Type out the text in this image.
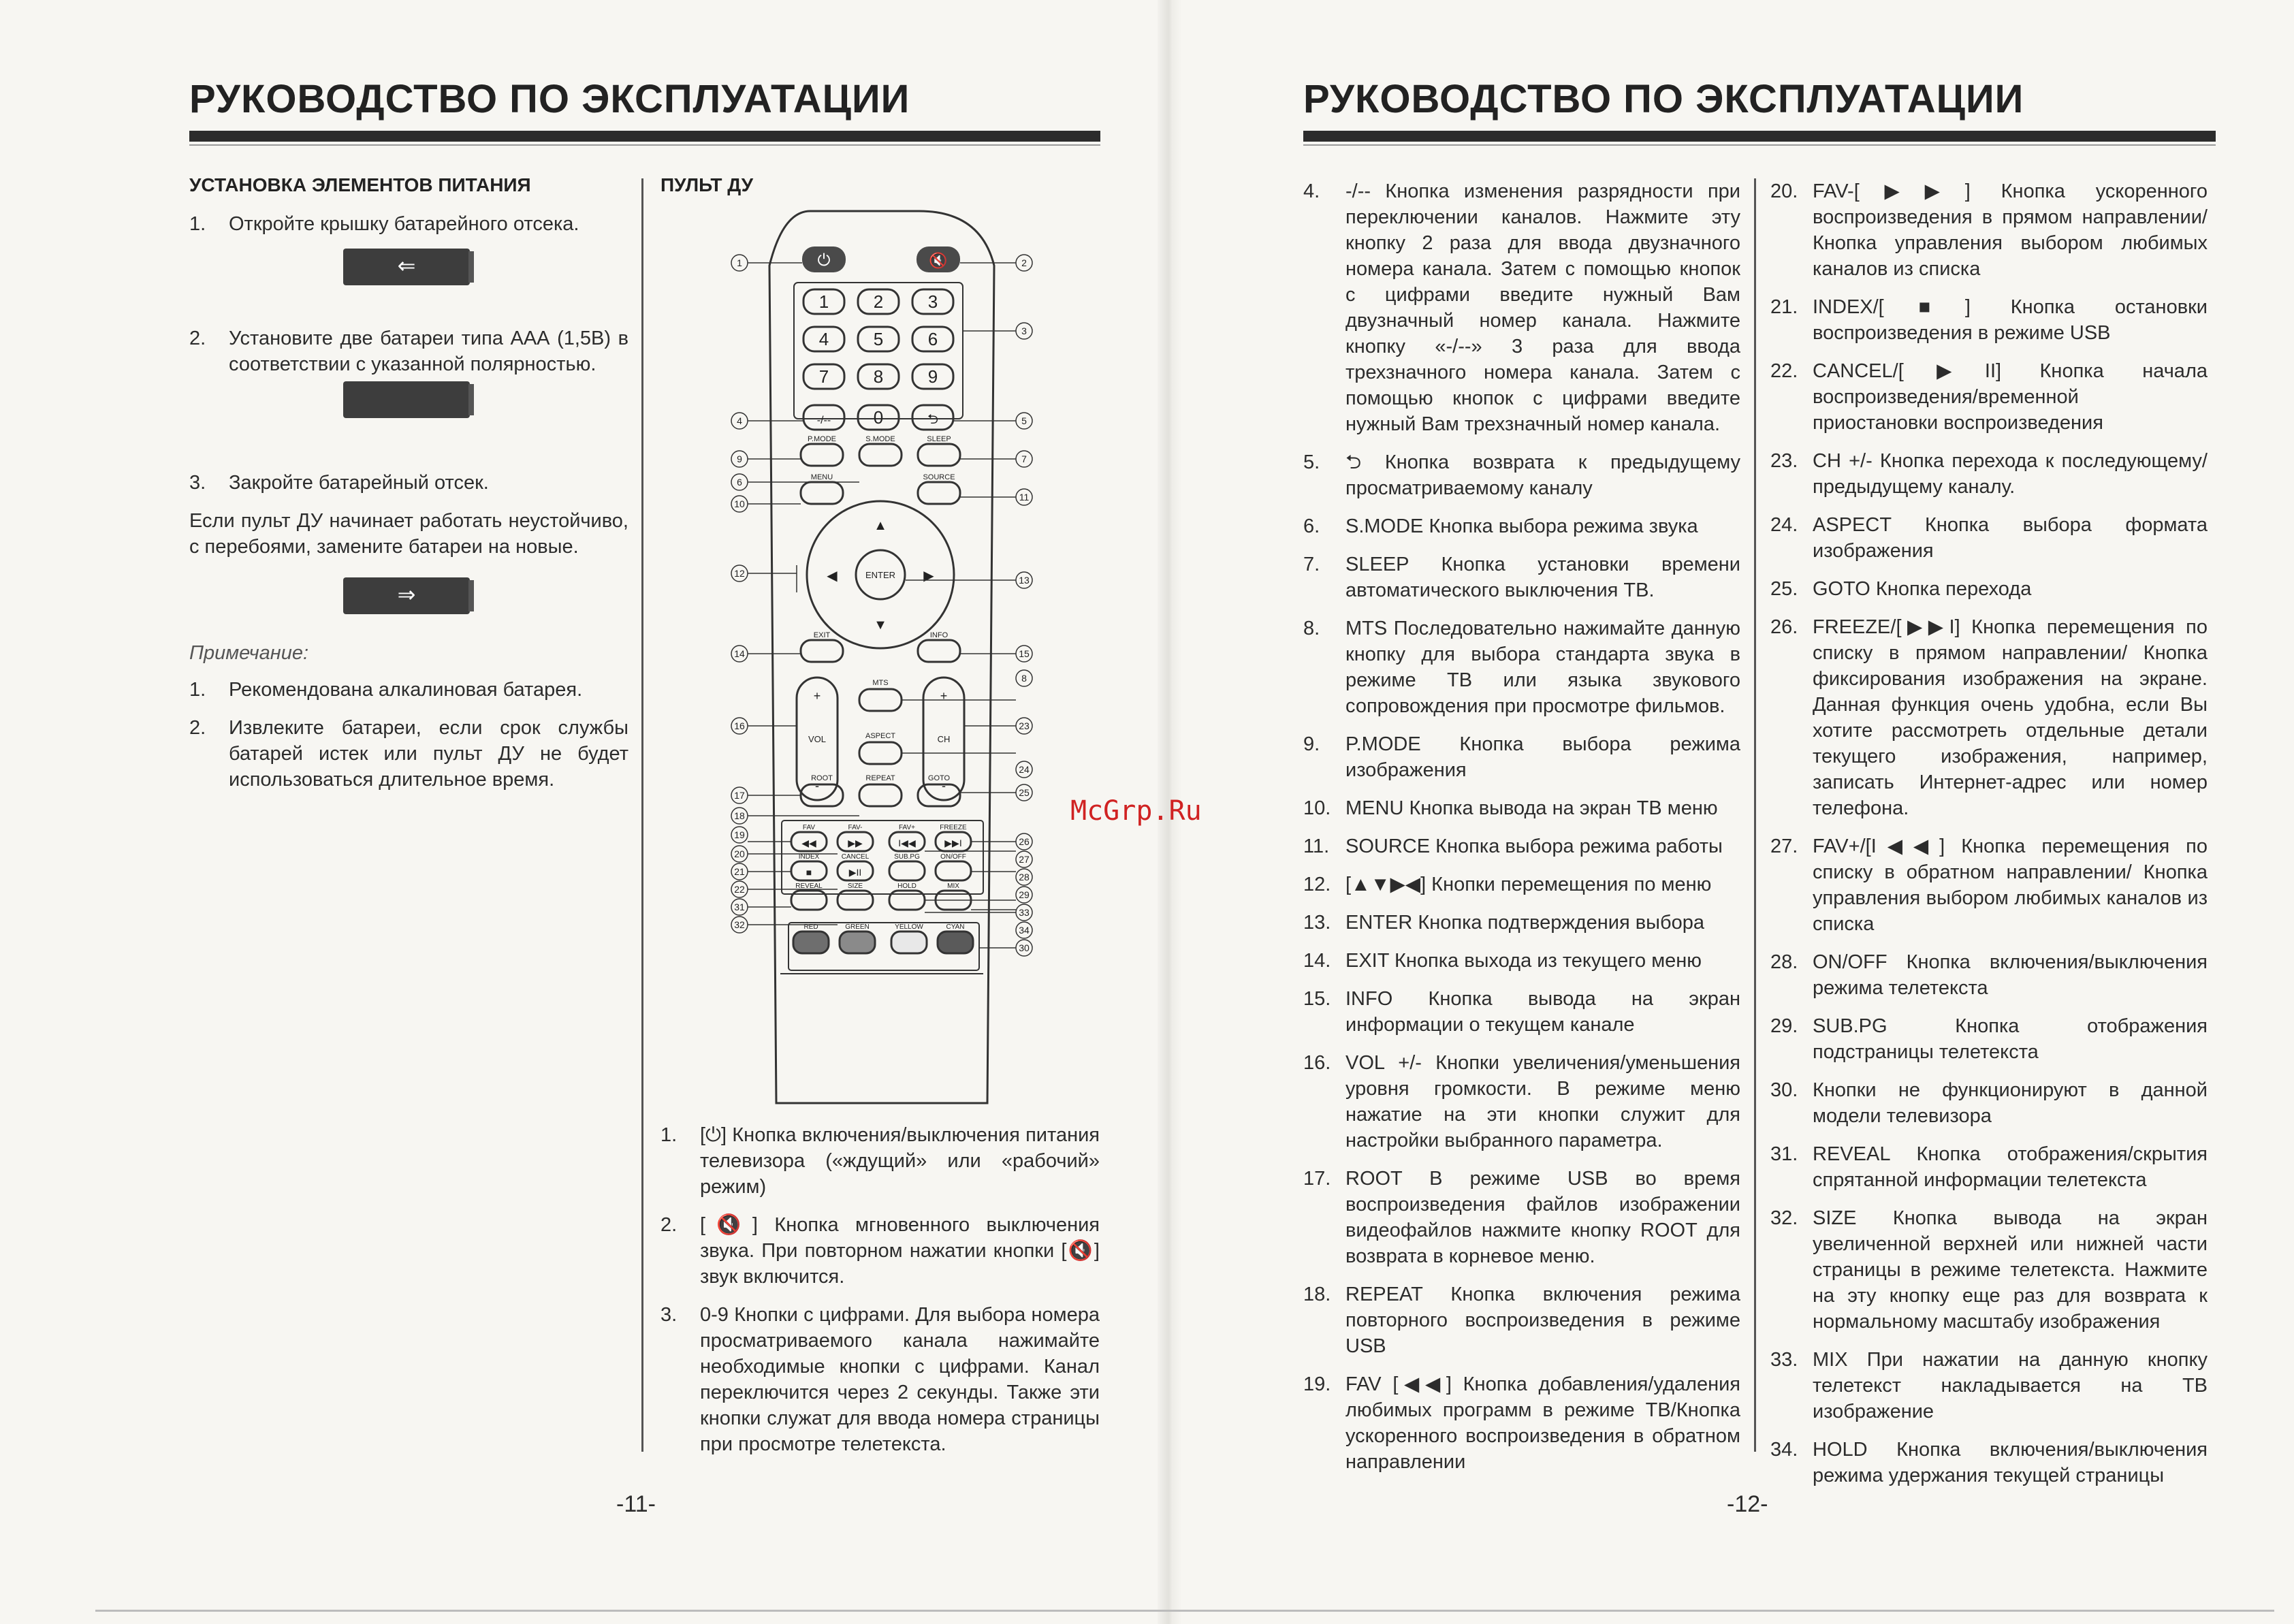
РУКОВОДСТВО ПО ЭКСПЛУАТАЦИИ
УСТАНОВКА ЭЛЕМЕНТОВ ПИТАНИЯ	ПУЛЬТ ДУ
1. Откройте крышку батарейного отсека.
2. Установите две батареи типа ААА (1,5В) в соответствии с указанной полярностью.
3. Закройте батарейный отсек.
Если пульт ДУ начинает работать неустойчиво, с перебоями, замените батареи на новые.
Примечание:
1. Рекомендована алкалиновая батарея.
2. Извлеките батареи, если срок службы батарей истек или пульт ДУ не будет использоваться длительное время.
⇐
⇒
⏻	🔇
1	2	3
4	5	6
7	8	9
0
-/--	⮌
P.MODE	S.MODE	SLEEP
MENU	SOURCE
ENTER
EXIT	INFO
MTS
VOL	CH
+
-
+
-
ASPECT
ROOT	REPEAT	GOTO
FAV	FAV-	FAV+	FREEZE
INDEX	CANCEL	SUB.PG	ON/OFF
REVEAL	SIZE	HOLD	MIX
RED	GREEN	YELLOW	CYAN
▲
▼
◀	▶
◀◀	▶▶	I◀◀	▶▶I
■	▶II
1	2
3
4	5
9	7
6
11
10
12
13
14	15
8
16	23
24
25
17
18
19
26
20	27
21	28
22	29
31	33
32	34
30
1. [⏻] Кнопка включения/выключения питания телевизора («ждущий» или «рабочий» режим)
2. [🔇] Кнопка мгновенного выключения звука. При повторном нажатии кнопки [🔇] звук включится.
3. 0-9 Кнопки с цифрами. Для выбора номера просматриваемого канала нажимайте необходимые кнопки с цифрами. Канал переключится через 2 секунды. Также эти кнопки служат для ввода номера страницы при просмотре телетекста.
-11-
РУКОВОДСТВО ПО ЭКСПЛУАТАЦИИ
4. -/-- Кнопка изменения разрядности при переключении каналов. Нажмите эту кнопку 2 раза для ввода двузначного номера канала. Затем с помощью кнопок с цифрами введите нужный Вам двузначный номер канала. Нажмите кнопку «-/--» 3 раза для ввода трехзначного номера канала. Затем с помощью кнопок с цифрами введите нужный Вам трехзначный номер канала.
5. ⮌ Кнопка возврата к предыдущему просматриваемому каналу
6. S.MODE Кнопка выбора режима звука
7. SLEEP Кнопка установки времени автоматического выключения ТВ.
8. MTS Последовательно нажимайте данную кнопку для выбора стандарта звука в режиме ТВ или языка звукового сопровождения при просмотре фильмов.
9. P.MODE Кнопка выбора режима изображения
10. MENU Кнопка вывода на экран ТВ меню
11. SOURCE Кнопка выбора режима работы
12. [▲▼▶◀] Кнопки перемещения по меню
13. ENTER Кнопка подтверждения выбора
14. EXIT Кнопка выхода из текущего меню
15. INFO Кнопка вывода на экран информации о текущем канале
16. VOL +/- Кнопки увеличения/уменьшения уровня громкости. В режиме меню нажатие на эти кнопки служит для настройки выбранного параметра.
17. ROOT В режиме USB во время воспроизведения файлов изображении видеофайлов нажмите кнопку ROOT для возврата в корневое меню.
18. REPEAT Кнопка включения режима повторного воспроизведения в режиме USB
19. FAV [◀◀] Кнопка добавления/удаления любимых программ в режиме ТВ/Кнопка ускоренного воспроизведения в обратном направлении
20. FAV-[▶▶] Кнопка ускоренного воспроизведения в прямом направлении/ Кнопка управления выбором любимых каналов из списка
21. INDEX/[■] Кнопка остановки воспроизведения в режиме USB
22. CANCEL/[▶II] Кнопка начала воспроизведения/временной приостановки воспроизведения
23. CH +/- Кнопка перехода к последующему/предыдущему каналу.
24. ASPECT Кнопка выбора формата изображения
25. GOTO Кнопка перехода
26. FREEZE/[▶▶I] Кнопка перемещения по списку в прямом направлении/ Кнопка фиксирования изображения на экране. Данная функция очень удобна, если Вы хотите рассмотреть отдельные детали текущего изображения, например, записать Интернет-адрес или номер телефона.
27. FAV+/[I◀◀] Кнопка перемещения по списку в обратном направлении/ Кнопка управления выбором любимых каналов из списка
28. ON/OFF Кнопка включения/выключения режима телетекста
29. SUB.PG Кнопка отображения подстраницы телетекста
30. Кнопки не функционируют в данной модели телевизора
31. REVEAL Кнопка отображения/скрытия спрятанной информации телетекста
32. SIZE Кнопка вывода на экран увеличенной верхней или нижней части страницы в режиме телетекста. Нажмите на эту кнопку еще раз для возврата к нормальному масштабу изображения
33. MIX При нажатии на данную кнопку телетекст накладывается на ТВ изображение
34. HOLD Кнопка включения/выключения режима удержания текущей страницы
-12-
McGrp.Ru
